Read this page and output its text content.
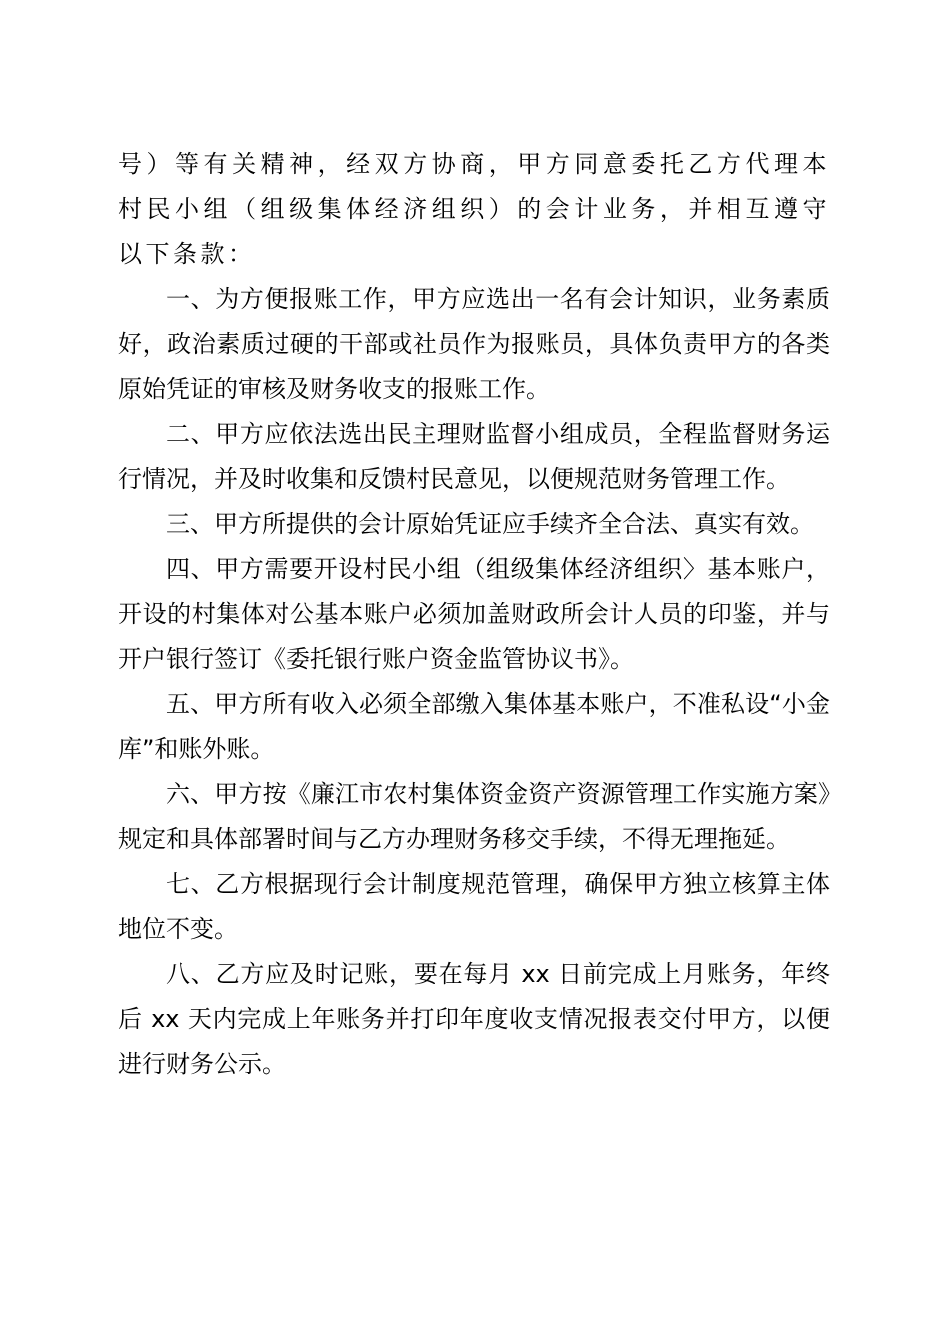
号）等有关精神，经双方协商，甲方同意委托乙方代理本村民小组（组级集体经济组织）的会计业务，并相互遵守以下条款：

一、为方便报账工作，甲方应选出一名有会计知识，业务素质好，政治素质过硬的干部或社员作为报账员，具体负责甲方的各类原始凭证的审核及财务收支的报账工作。

二、甲方应依法选出民主理财监督小组成员，全程监督财务运行情况，并及时收集和反馈村民意见，以便规范财务管理工作。

三、甲方所提供的会计原始凭证应手续齐全合法、真实有效。

四、甲方需要开设村民小组（组级集体经济组织〉基本账户，开设的村集体对公基本账户必须加盖财政所会计人员的印鉴，并与开户银行签订《委托银行账户资金监管协议书》。

五、甲方所有收入必须全部缴入集体基本账户，不准私设“小金库”和账外账。

六、甲方按《廉江市农村集体资金资产资源管理工作实施方案》规定和具体部署时间与乙方办理财务移交手续，不得无理拖延。

七、乙方根据现行会计制度规范管理，确保甲方独立核算主体地位不变。

八、乙方应及时记账，要在每月 xx 日前完成上月账务，年终后 xx 天内完成上年账务并打印年度收支情况报表交付甲方，以便进行财务公示。
